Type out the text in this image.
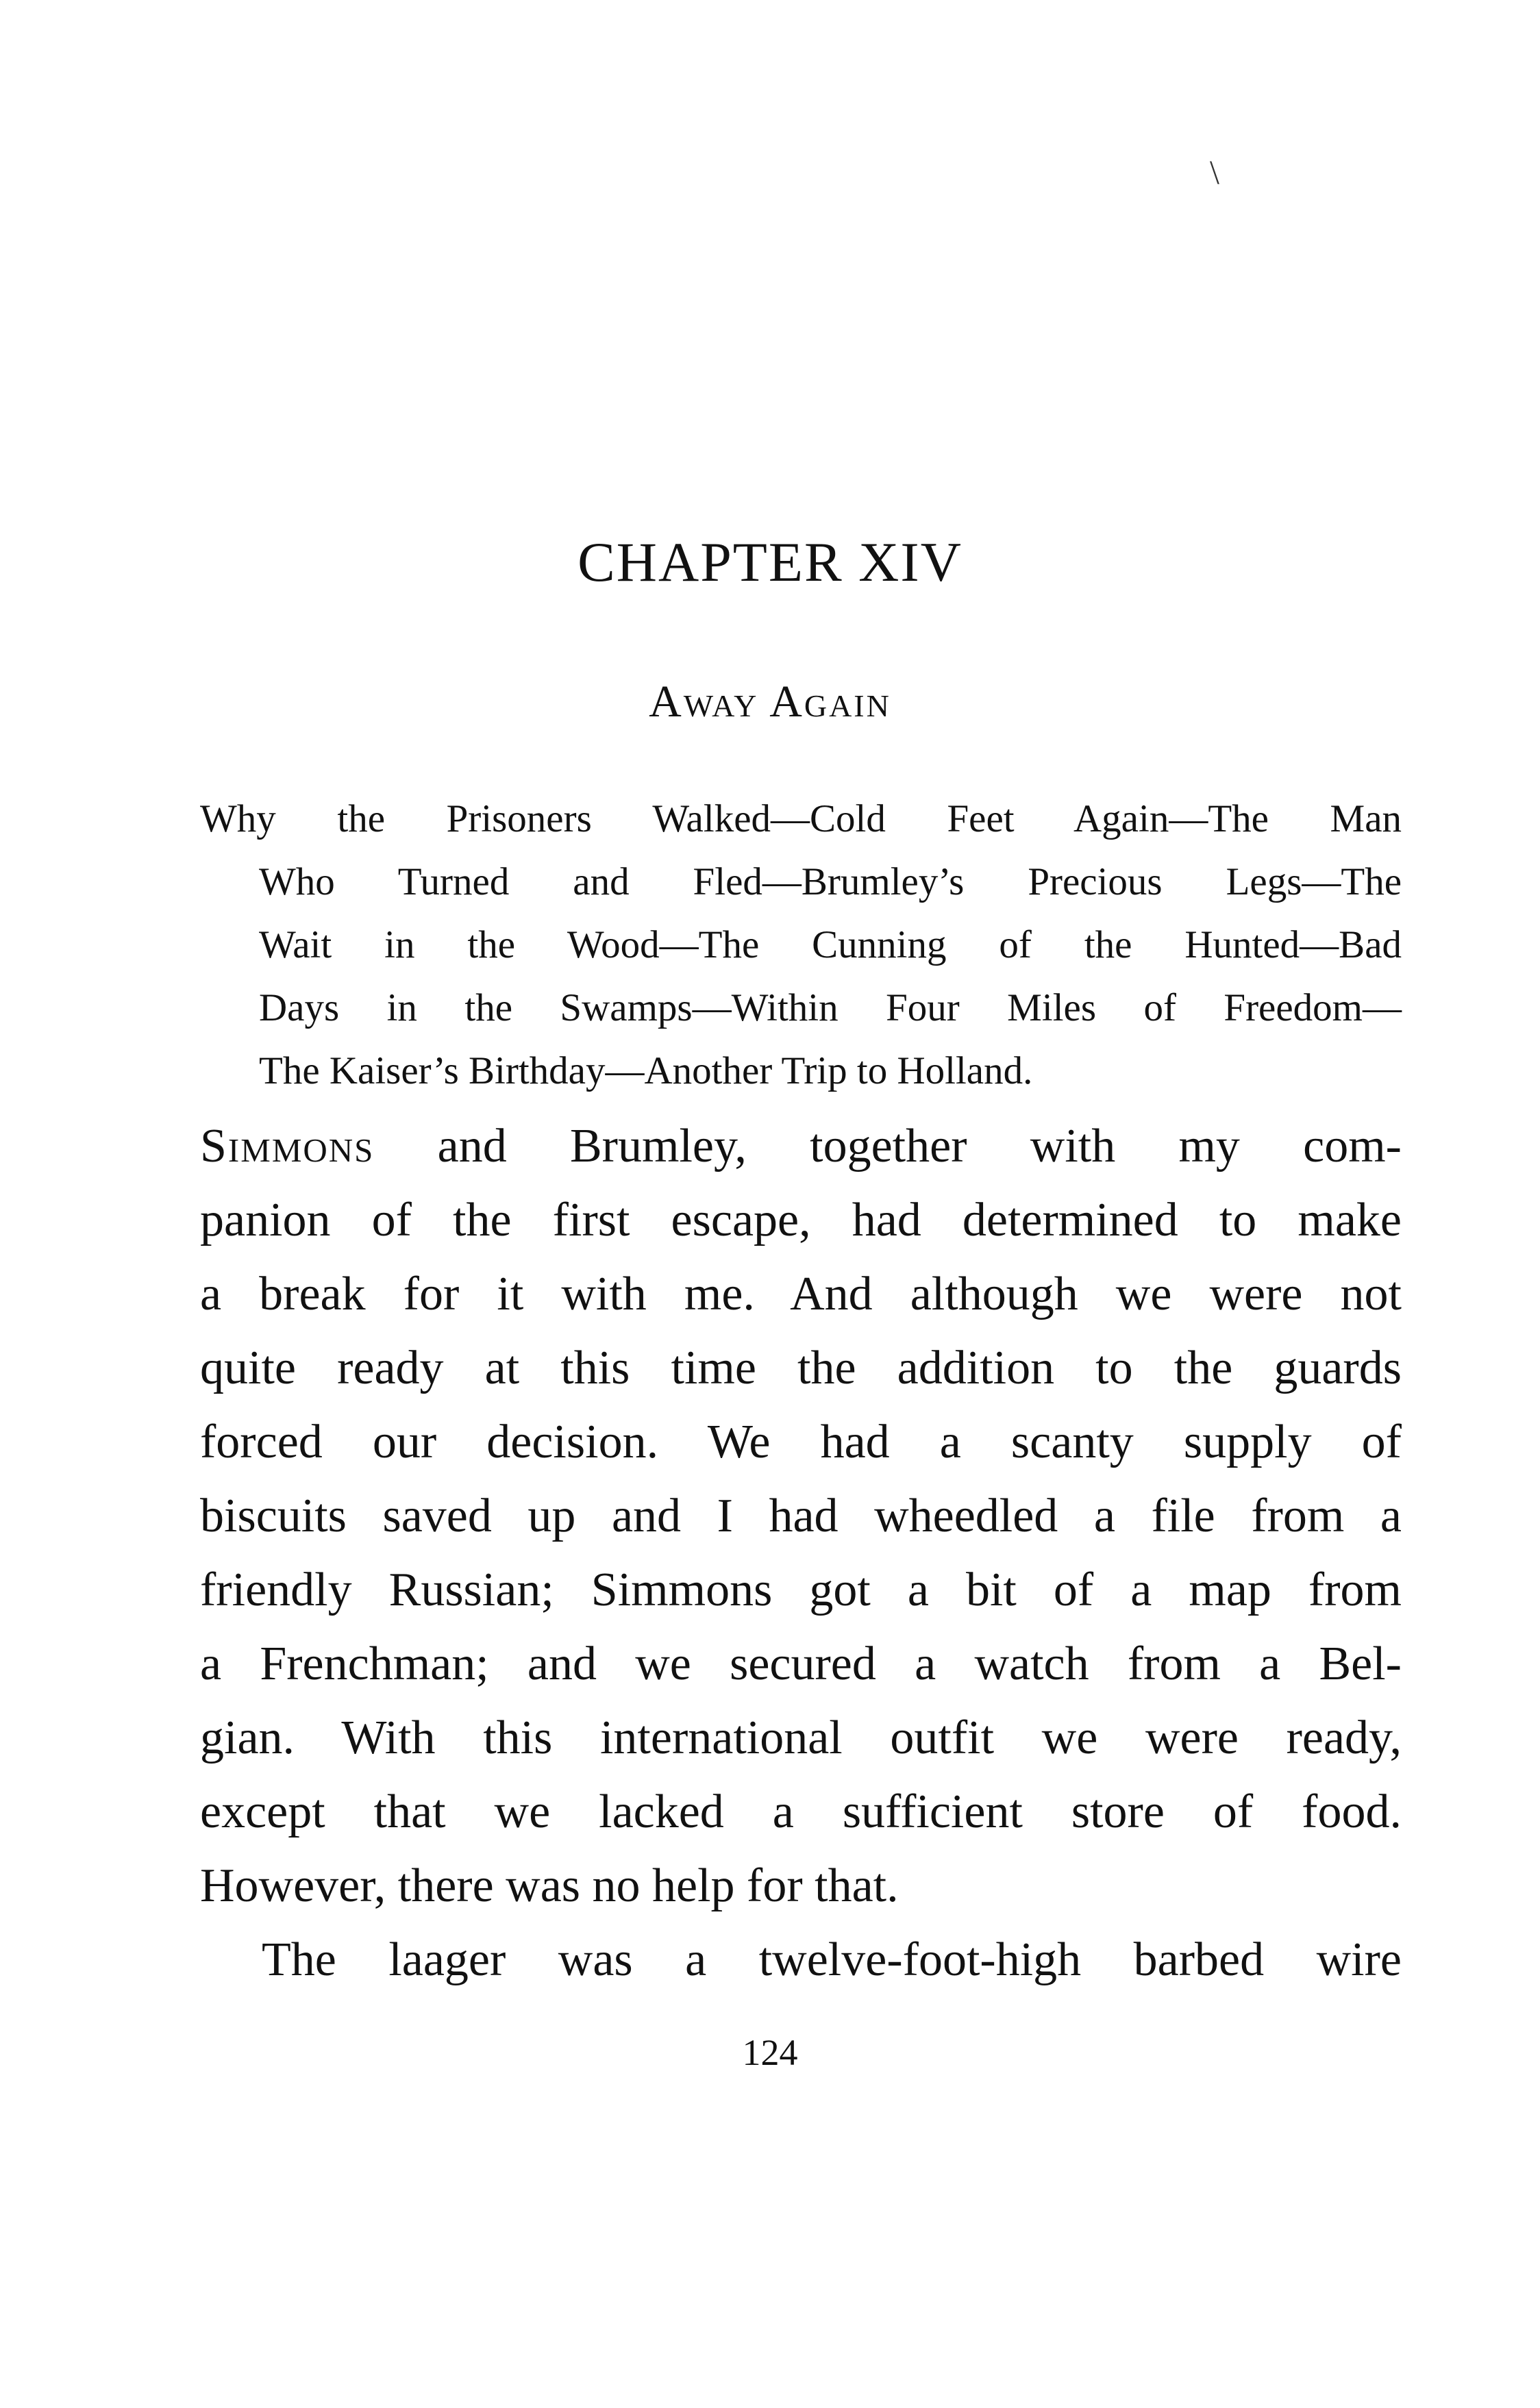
\
CHAPTER XIV
Away Again

Why the Prisoners Walked—Cold Feet Again—The Man
Who Turned and Fled—Brumley’s Precious Legs—The
Wait in the Wood—The Cunning of the Hunted—Bad
Days in the Swamps—Within Four Miles of Freedom—
The Kaiser’s Birthday—Another Trip to Holland.

Simmons and Brumley, together with my com-
panion of the first escape, had determined to make
a break for it with me. And although we were not
quite ready at this time the addition to the guards
forced our decision. We had a scanty supply of
biscuits saved up and I had wheedled a file from a
friendly Russian; Simmons got a bit of a map from
a Frenchman; and we secured a watch from a Bel-
gian. With this international outfit we were ready,
except that we lacked a sufficient store of food.
However, there was no help for that.
The laager was a twelve-foot-high barbed wire
124
